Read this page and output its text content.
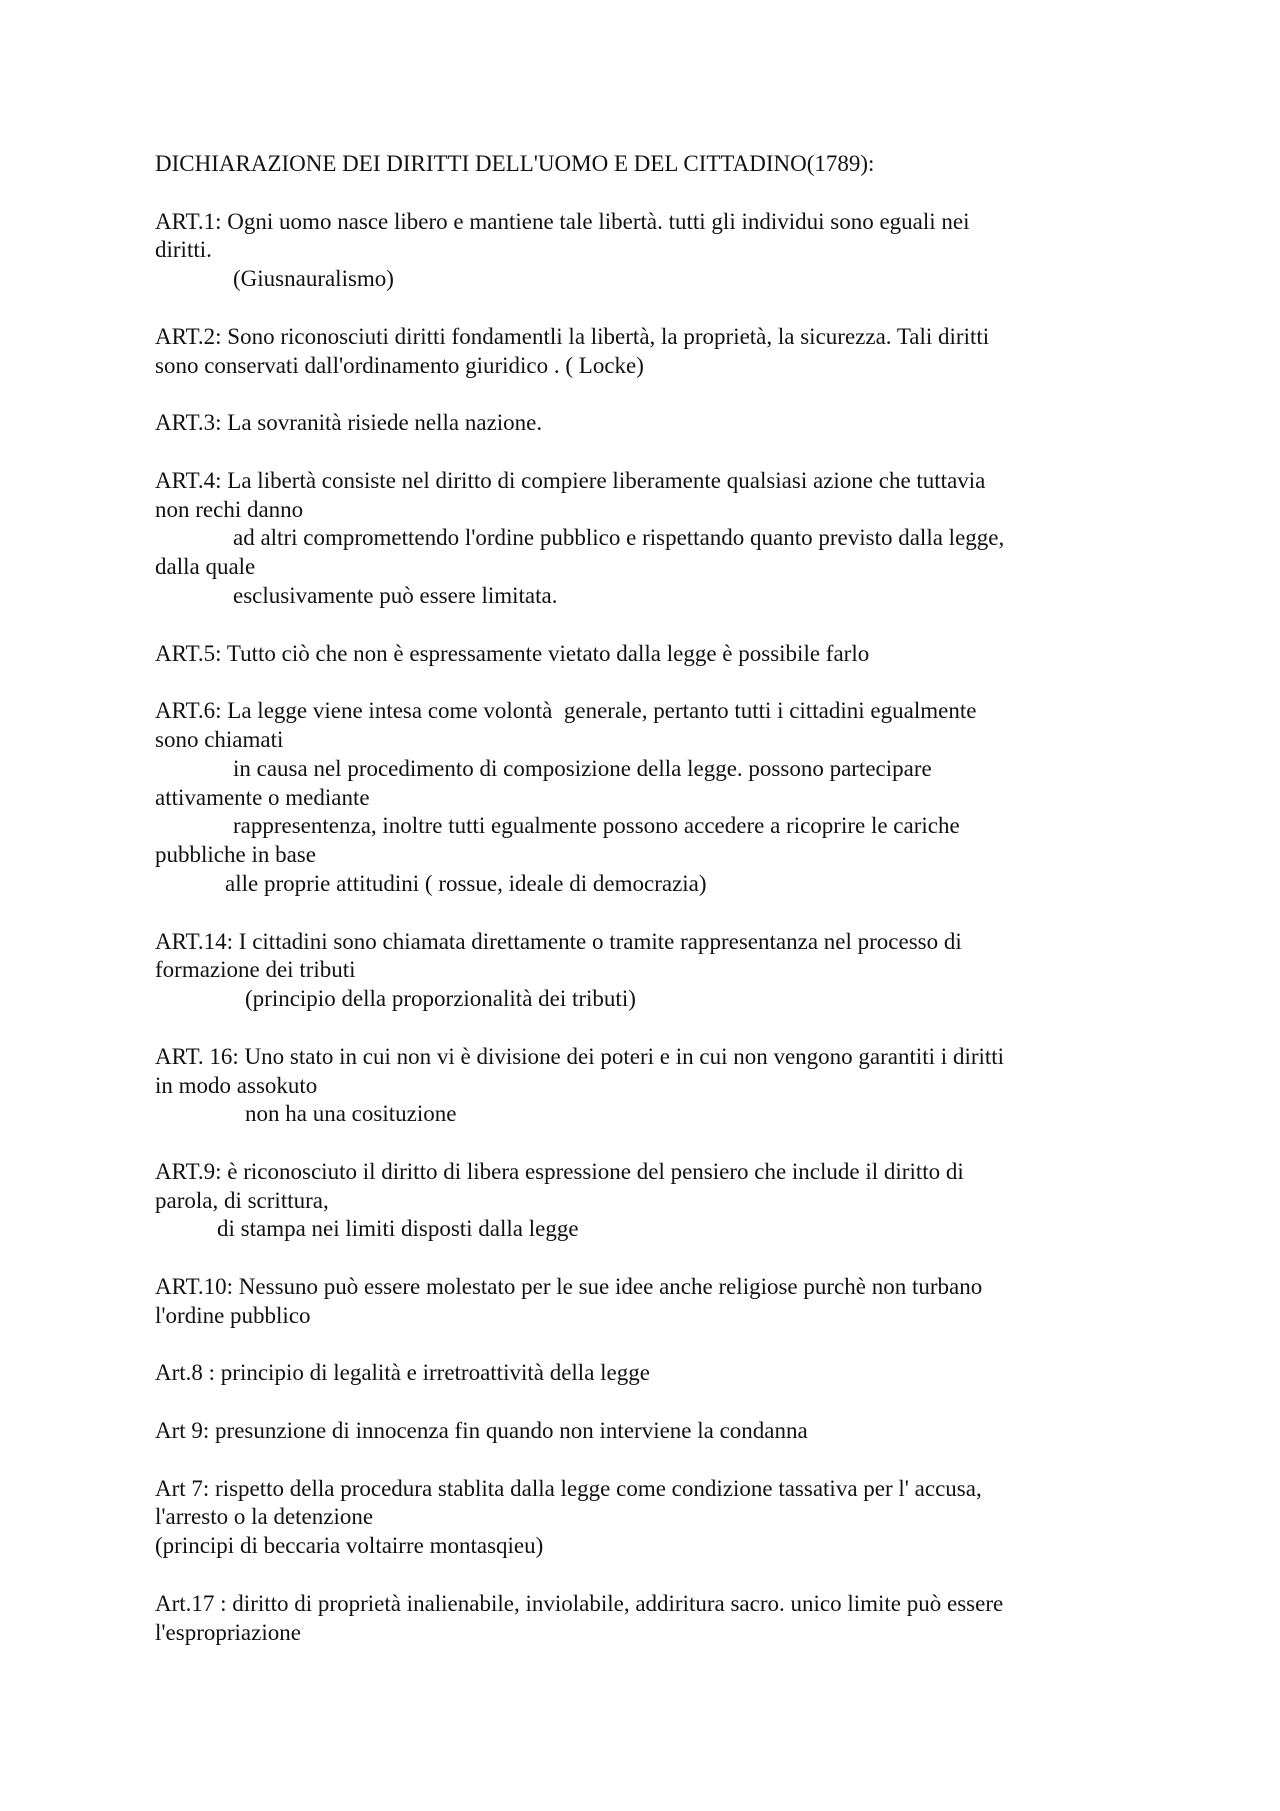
DICHIARAZIONE DEI DIRITTI DELL'UOMO E DEL CITTADINO(1789):
ART.1: Ogni uomo nasce libero e mantiene tale libertà. tutti gli individui sono eguali nei
diritti.
(Giusnauralismo)
ART.2: Sono riconosciuti diritti fondamentli la libertà, la proprietà, la sicurezza. Tali diritti
sono conservati dall'ordinamento giuridico . ( Locke)
ART.3: La sovranità risiede nella nazione.
ART.4: La libertà consiste nel diritto di compiere liberamente qualsiasi azione che tuttavia
non rechi danno
ad altri compromettendo l'ordine pubblico e rispettando quanto previsto dalla legge,
dalla quale
esclusivamente può essere limitata.
ART.5: Tutto ciò che non è espressamente vietato dalla legge è possibile farlo
ART.6: La legge viene intesa come volontà  generale, pertanto tutti i cittadini egualmente
sono chiamati
in causa nel procedimento di composizione della legge. possono partecipare
attivamente o mediante
rappresentenza, inoltre tutti egualmente possono accedere a ricoprire le cariche
pubbliche in base
alle proprie attitudini ( rossue, ideale di democrazia)
ART.14: I cittadini sono chiamata direttamente o tramite rappresentanza nel processo di
formazione dei tributi
(principio della proporzionalità dei tributi)
ART. 16: Uno stato in cui non vi è divisione dei poteri e in cui non vengono garantiti i diritti
in modo assokuto
non ha una cosituzione
ART.9: è riconosciuto il diritto di libera espressione del pensiero che include il diritto di
parola, di scrittura,
di stampa nei limiti disposti dalla legge
ART.10: Nessuno può essere molestato per le sue idee anche religiose purchè non turbano
l'ordine pubblico
Art.8 : principio di legalità e irretroattività della legge
Art 9: presunzione di innocenza fin quando non interviene la condanna
Art 7: rispetto della procedura stablita dalla legge come condizione tassativa per l' accusa,
l'arresto o la detenzione
(principi di beccaria voltairre montasqieu)
Art.17 : diritto di proprietà inalienabile, inviolabile, addiritura sacro. unico limite può essere
l'espropriazione
